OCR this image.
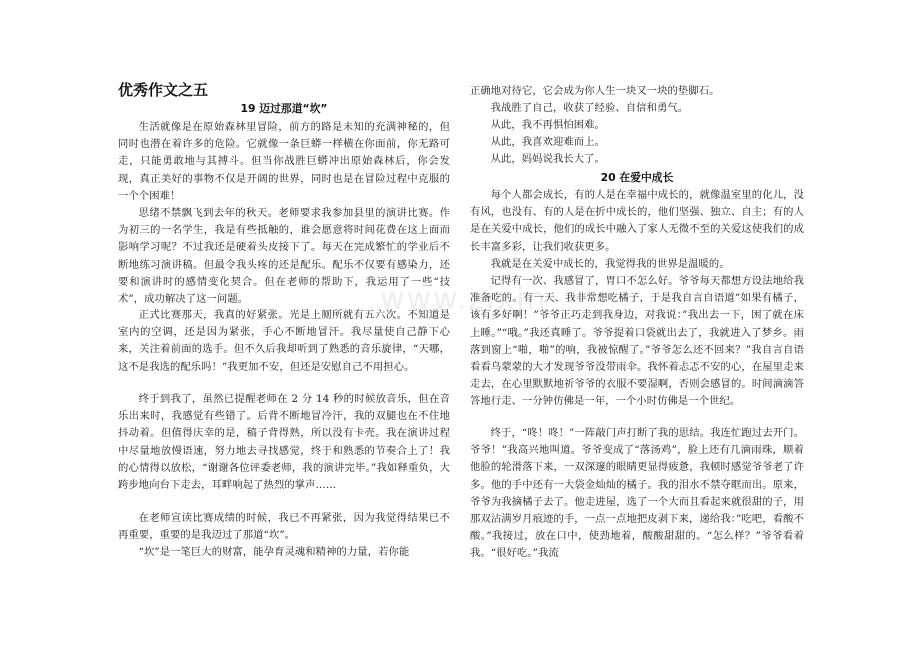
优秀作文之五
19 迈过那道“坎”

生活就像是在原始森林里冒险，前方的路是未知的充满神秘的，但同时也潜在着许多的危险。它就像一条巨蟒一样横在你面前，你无路可走，只能勇敢地与其搏斗。但当你战胜巨蟒冲出原始森林后，你会发现，真正美好的事物不仅是开阔的世界，同时也是在冒险过程中克服的一个个困难！

思绪不禁飘飞到去年的秋天。老师要求我参加县里的演讲比赛。作为初三的一名学生，我是有些抵触的，谁会愿意将时间花费在这上面而影响学习呢？不过我还是硬着头皮接下了。每天在完成繁忙的学业后不断地练习演讲稿。但最令我头疼的还是配乐。配乐不仅要有感染力，还要和演讲时的感情变化契合。但在老师的帮助下，我运用了一些“技术”，成功解决了这一问题。

正式比赛那天，我真的好紧张。光是上厕所就有五六次。不知道是室内的空调，还是因为紧张，手心不断地冒汗。我尽量使自己静下心来，关注着前面的选手。但不久后我却听到了熟悉的音乐旋律，“天哪，这不是我选的配乐吗！”我更加不安，但还是安慰自己不用担心。

终于到我了，虽然已提醒老师在 2 分 14 秒的时候放音乐，但在音乐出来时，我感觉有些错了。后背不断地冒冷汗，我的双腿也在不住地抖动着。但值得庆幸的是，稿子背得熟，所以没有卡壳。我在演讲过程中尽量地放慢语速，努力地去寻找感觉，终于和熟悉的节奏合上了！我的心情得以放松，“谢谢各位评委老师，我的演讲完毕。”我如释重负，大跨步地向台下走去，耳畔响起了热烈的掌声……

在老师宣读比赛成绩的时候，我已不再紧张，因为我觉得结果已不再重要，重要的是我迈过了那道“坎”。

“坎”是一笔巨大的财富，能孕育灵魂和精神的力量，若你能

正确地对待它，它会成为你人生一块又一块的垫脚石。

我战胜了自己，收获了经验、自信和勇气。

从此，我不再惧怕困难。

从此，我喜欢迎难而上。

从此，妈妈说我长大了。

20 在爱中成长

每个人都会成长，有的人是在幸福中成长的，就像温室里的化儿，没有风，也没有、有的人是在折中成长的，他们坚强、独立、自主；有的人是在关爱中成长，他们的成长中融入了家人无微不至的关爱这使我们的成长丰富多彩，让我们收获更多。

我就是在关爱中成长的，我觉得我的世界是温暖的。

记得有一次、我感冒了，胃口不怎么好。爷爷每天都想方设法地给我准备吃的。有一天、我非常想吃橘子，于是我自言自语道”如果有橘子，该有多好啊！”爷爷正巧走到我身边，对我说：”我出去一下，困了就在床上睡。”“哦。”我还真睡了。爷爷提着口袋就出去了，我就进入了梦乡。雨落到窗上“啪，啪”的响，我被惊醒了。”爷爷怎么还不回来？”我自言自语看看乌蒙蒙的大才发现爷爷没带雨伞。我怀着忐忑不安的心，在屋里走来走去，在心里默默地祈爷爷的衣服不要湿啊，否则会感冒的。时间滴滴答答地行走、一分钟仿佛是一年，一个小时仿佛是一个世纪。

终于，“咚！咚！”一阵敲门声打断了我的思结。我连忙跑过去开门。爷爷！”我高兴地叫道。爷爷变成了“落汤鸡”，脸上还有几滴雨珠，顺着他脸的轮滑落下来，一双深邃的眼睛更显得疲惫，我顿时感觉爷爷老了许多。他的手中还有一大袋金灿灿的橘子。我的泪水不禁夺眶而出。原来，爷爷为我摘橘子去了。他走进屋，选了一个大而且看起来就很甜的子，用那双沾满岁月痕迹的手，一点一点地把皮剥下来，递给我：”吃吧，看酸不酸。”我接过，放在口中，使劲地着，酸酸甜甜的。“怎么样？”爷爷看着我。“很好吃。”我流

www.zixin
